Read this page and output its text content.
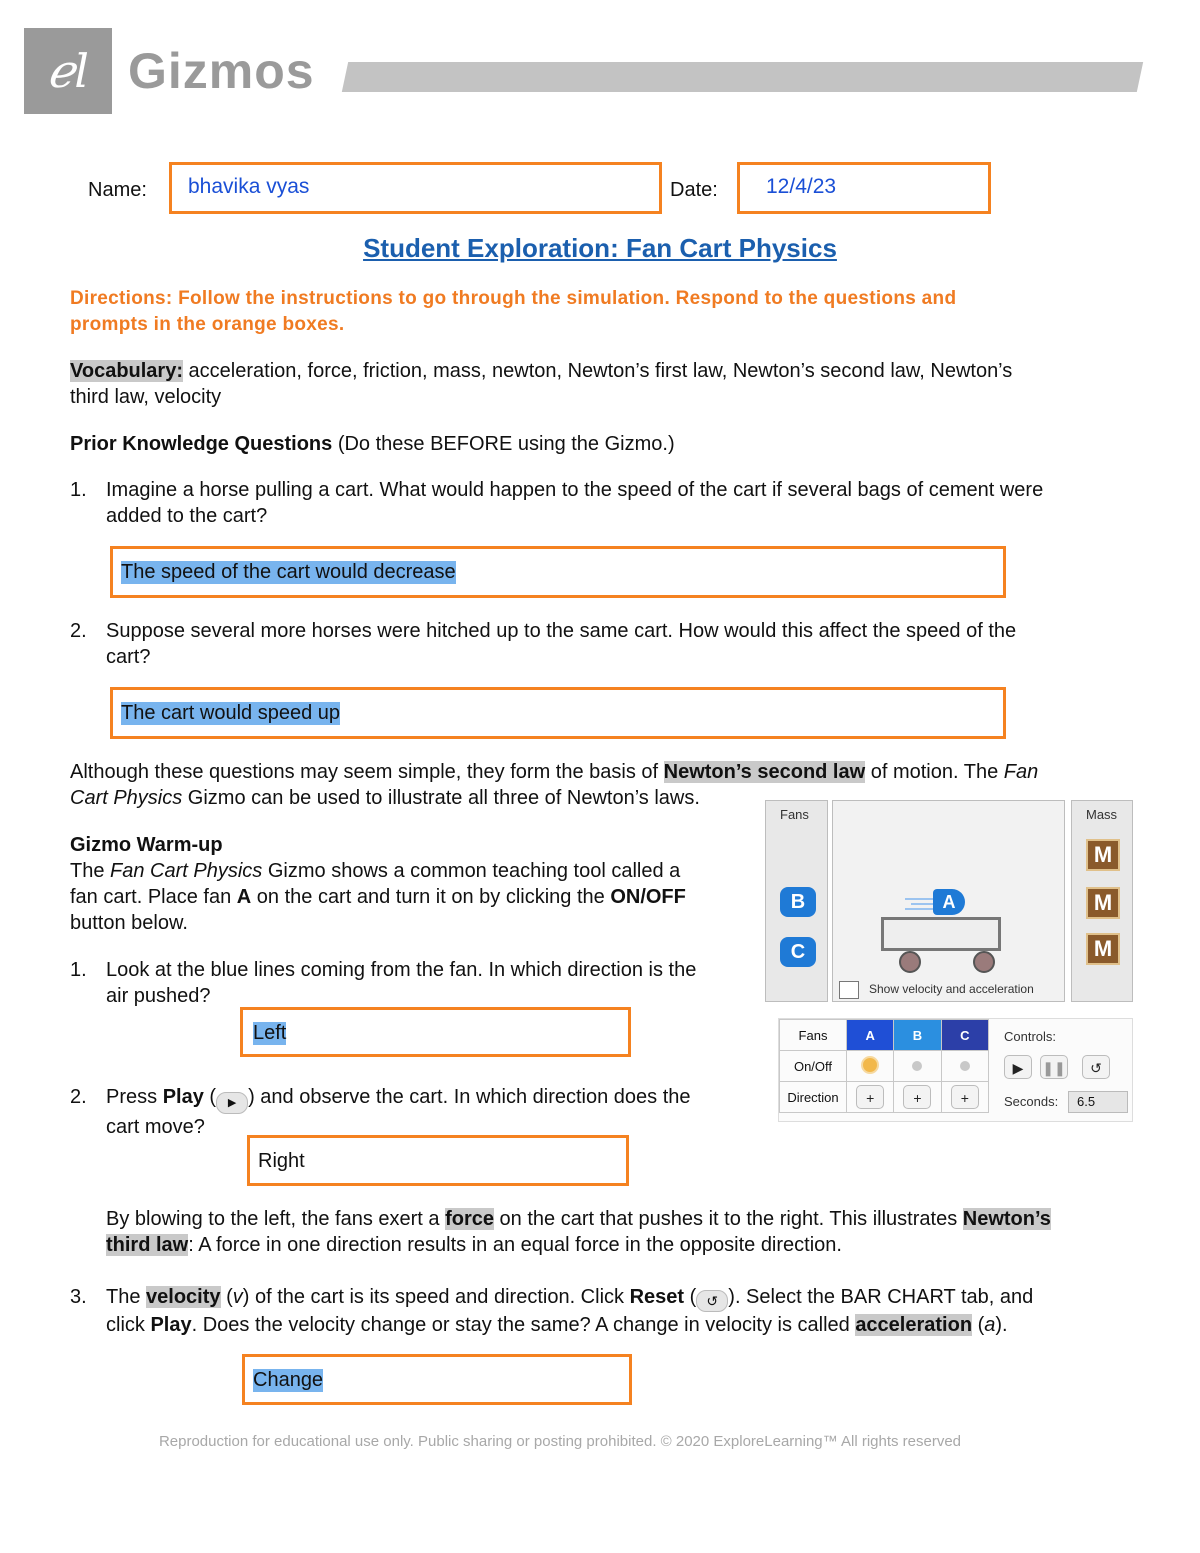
ℯl Gizmos
Name: bhavika vyas	Date: 12/4/23
Student Exploration: Fan Cart Physics
Directions: Follow the instructions to go through the simulation. Respond to the questions and
prompts in the orange boxes.
Vocabulary: acceleration, force, friction, mass, newton, Newton’s first law, Newton’s second law, Newton’s
third law, velocity
Prior Knowledge Questions (Do these BEFORE using the Gizmo.)
1. Imagine a horse pulling a cart. What would happen to the speed of the cart if several bags of cement were
added to the cart?
The speed of the cart would decrease
2. Suppose several more horses were hitched up to the same cart. How would this affect the speed of the
cart?
The cart would speed up
Although these questions may seem simple, they form the basis of Newton’s second law of motion. The Fan
Cart Physics Gizmo can be used to illustrate all three of Newton’s laws.
Gizmo Warm-up
The Fan Cart Physics Gizmo shows a common teaching tool called a
fan cart. Place fan A on the cart and turn it on by clicking the ON/OFF
button below.
1. Look at the blue lines coming from the fan. In which direction is the
air pushed?
Left
2. Press Play ( ▶ ) and observe the cart. In which direction does the
cart move?
Right
By blowing to the left, the fans exert a force on the cart that pushes it to the right. This illustrates Newton’s
third law: A force in one direction results in an equal force in the opposite direction.
3. The velocity (v) of the cart is its speed and direction. Click Reset ( ↺ ). Select the BAR CHART tab, and
click Play. Does the velocity change or stay the same? A change in velocity is called acceleration (a).
Change
Fans
B
C
A
Show velocity and acceleration
Mass
M
M
M
Fans	A	B	C
On/Off			
Direction	+	+	+
Controls:
▶	❚❚	↺
Seconds:	6.5
Reproduction for educational use only. Public sharing or posting prohibited. © 2020 ExploreLearning™ All rights reserved
